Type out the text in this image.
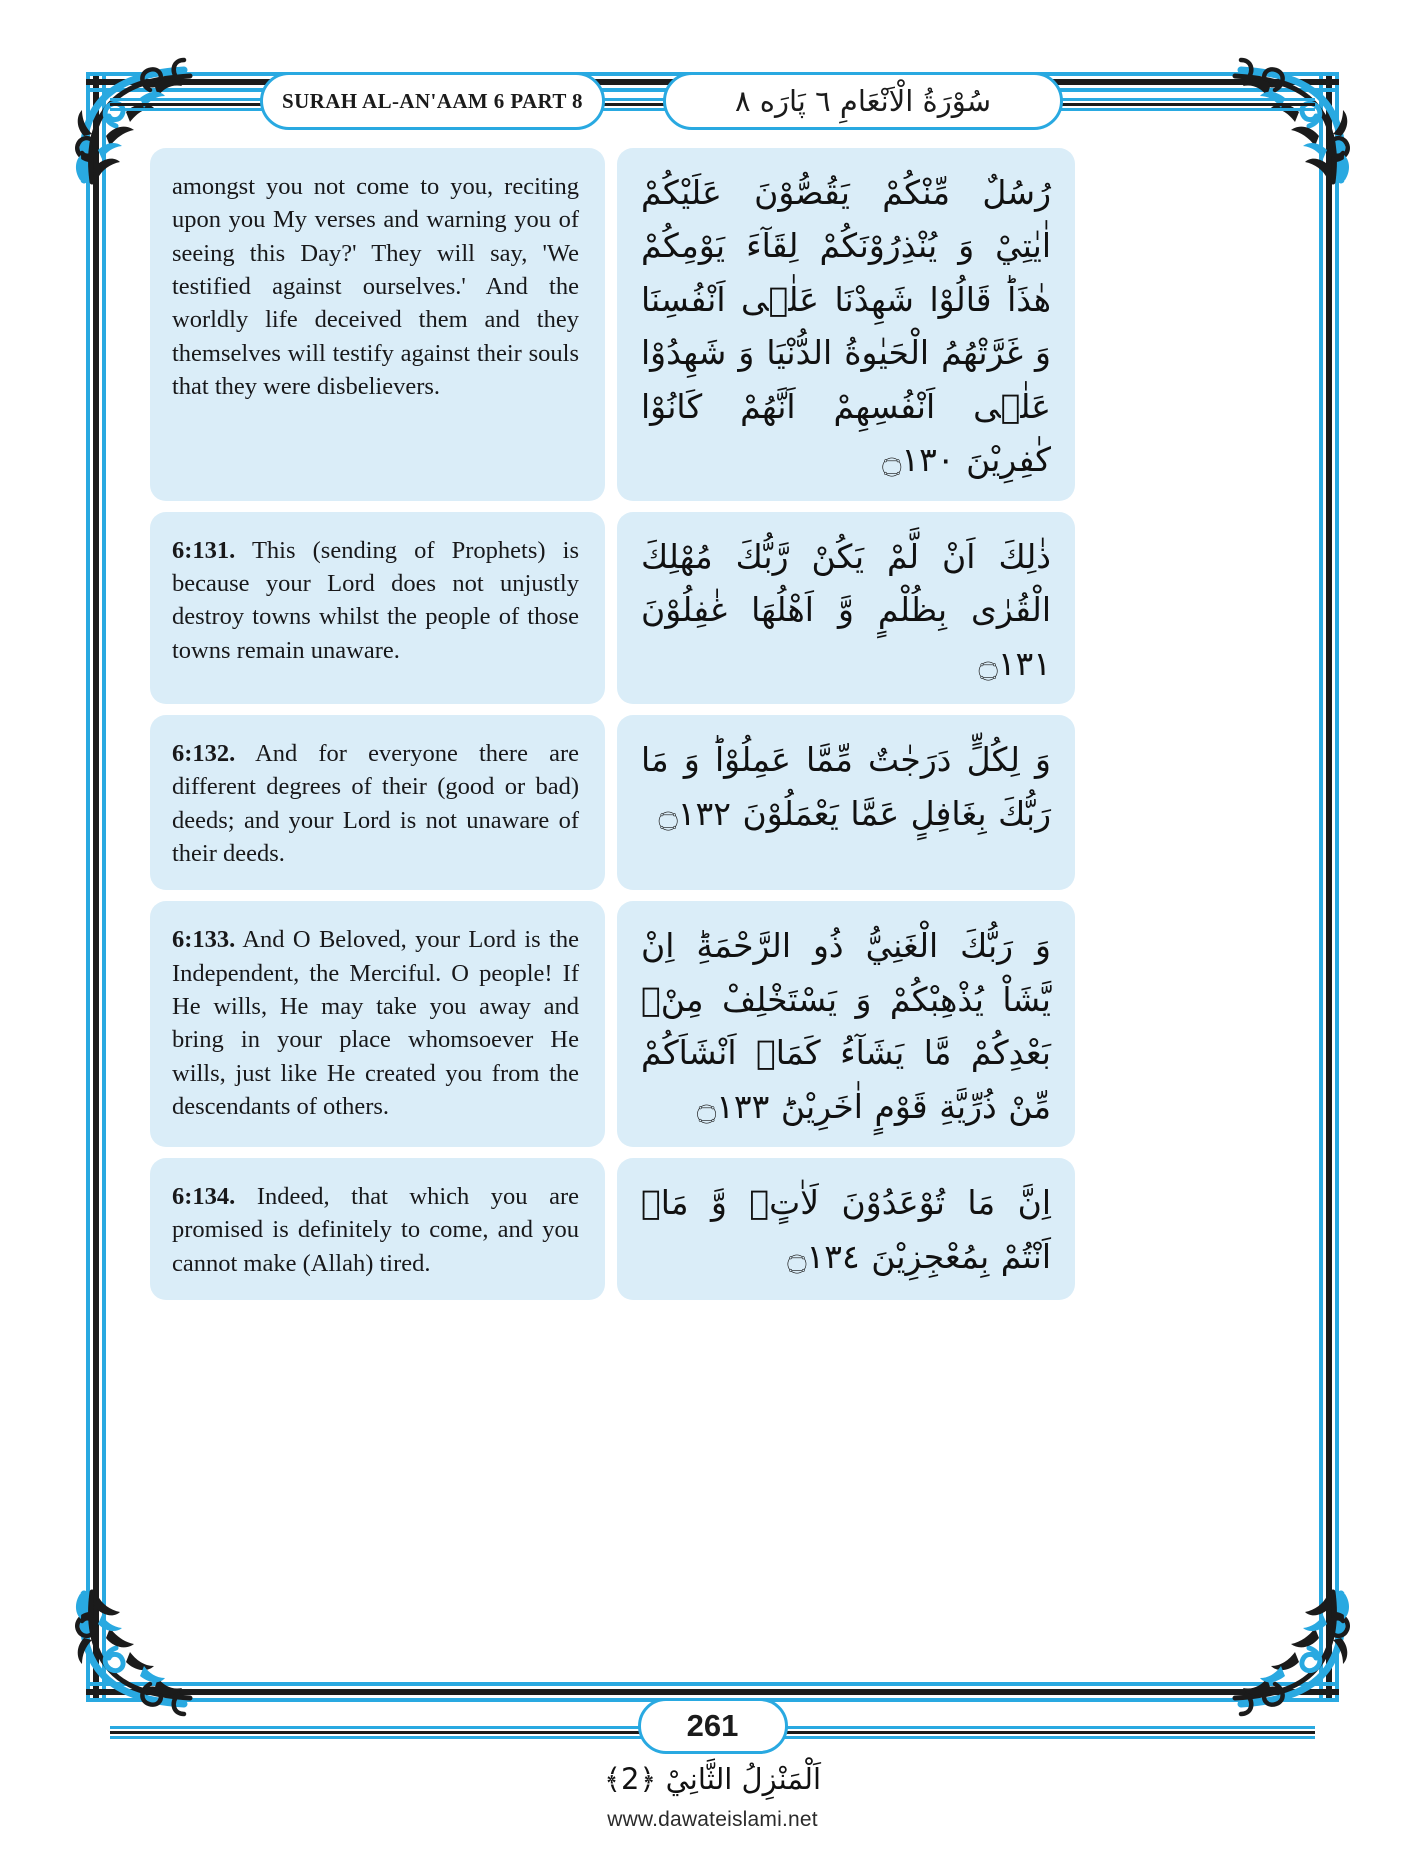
SURAH AL-AN'AAM 6 PART 8	سُوْرَةُ الْاَنْعَامِ ٦ پَارَه ٨
amongst you not come to you, reciting upon you My verses and warning you of seeing this Day?' They will say, 'We testified against ourselves.' And the worldly life deceived them and they themselves will testify against their souls that they were disbelievers.
رُسُلٌ مِّنْكُمْ يَقُصُّوْنَ عَلَيْكُمْ اٰيٰتِيْ وَ يُنْذِرُوْنَكُمْ لِقَآءَ يَوْمِكُمْ هٰذَاؕ قَالُوْا شَهِدْنَا عَلٰۤى اَنْفُسِنَا وَ غَرَّتْهُمُ الْحَيٰوةُ الدُّنْيَا وَ شَهِدُوْا عَلٰۤى اَنْفُسِهِمْ اَنَّهُمْ كَانُوْا كٰفِرِيْنَ ۝١٣٠
6:131. This (sending of Prophets) is because your Lord does not unjustly destroy towns whilst the people of those towns remain unaware.
ذٰلِكَ اَنْ لَّمْ يَكُنْ رَّبُّكَ مُهْلِكَ الْقُرٰى بِظُلْمٍ وَّ اَهْلُهَا غٰفِلُوْنَ ۝١٣١
6:132. And for everyone there are different degrees of their (good or bad) deeds; and your Lord is not unaware of their deeds.
وَ لِكُلٍّ دَرَجٰتٌ مِّمَّا عَمِلُوْاؕ وَ مَا رَبُّكَ بِغَافِلٍ عَمَّا يَعْمَلُوْنَ ۝١٣٢
6:133. And O Beloved, your Lord is the Independent, the Merciful. O people! If He wills, He may take you away and bring in your place whomsoever He wills, just like He created you from the descendants of others.
وَ رَبُّكَ الْغَنِيُّ ذُو الرَّحْمَةِؕ اِنْ يَّشَاْ يُذْهِبْكُمْ وَ يَسْتَخْلِفْ مِنْۢ بَعْدِكُمْ مَّا يَشَآءُ كَمَاۤ اَنْشَاَكُمْ مِّنْ ذُرِّيَّةِ قَوْمٍ اٰخَرِيْنَؕ ۝١٣٣
6:134. Indeed, that which you are promised is definitely to come, and you cannot make (Allah) tired.
اِنَّ مَا تُوْعَدُوْنَ لَاٰتٍۙ وَّ مَاۤ اَنْتُمْ بِمُعْجِزِيْنَ ۝١٣٤
261
اَلْمَنْزِلُ الثَّانِيْ ﴿2﴾
www.dawateislami.net
